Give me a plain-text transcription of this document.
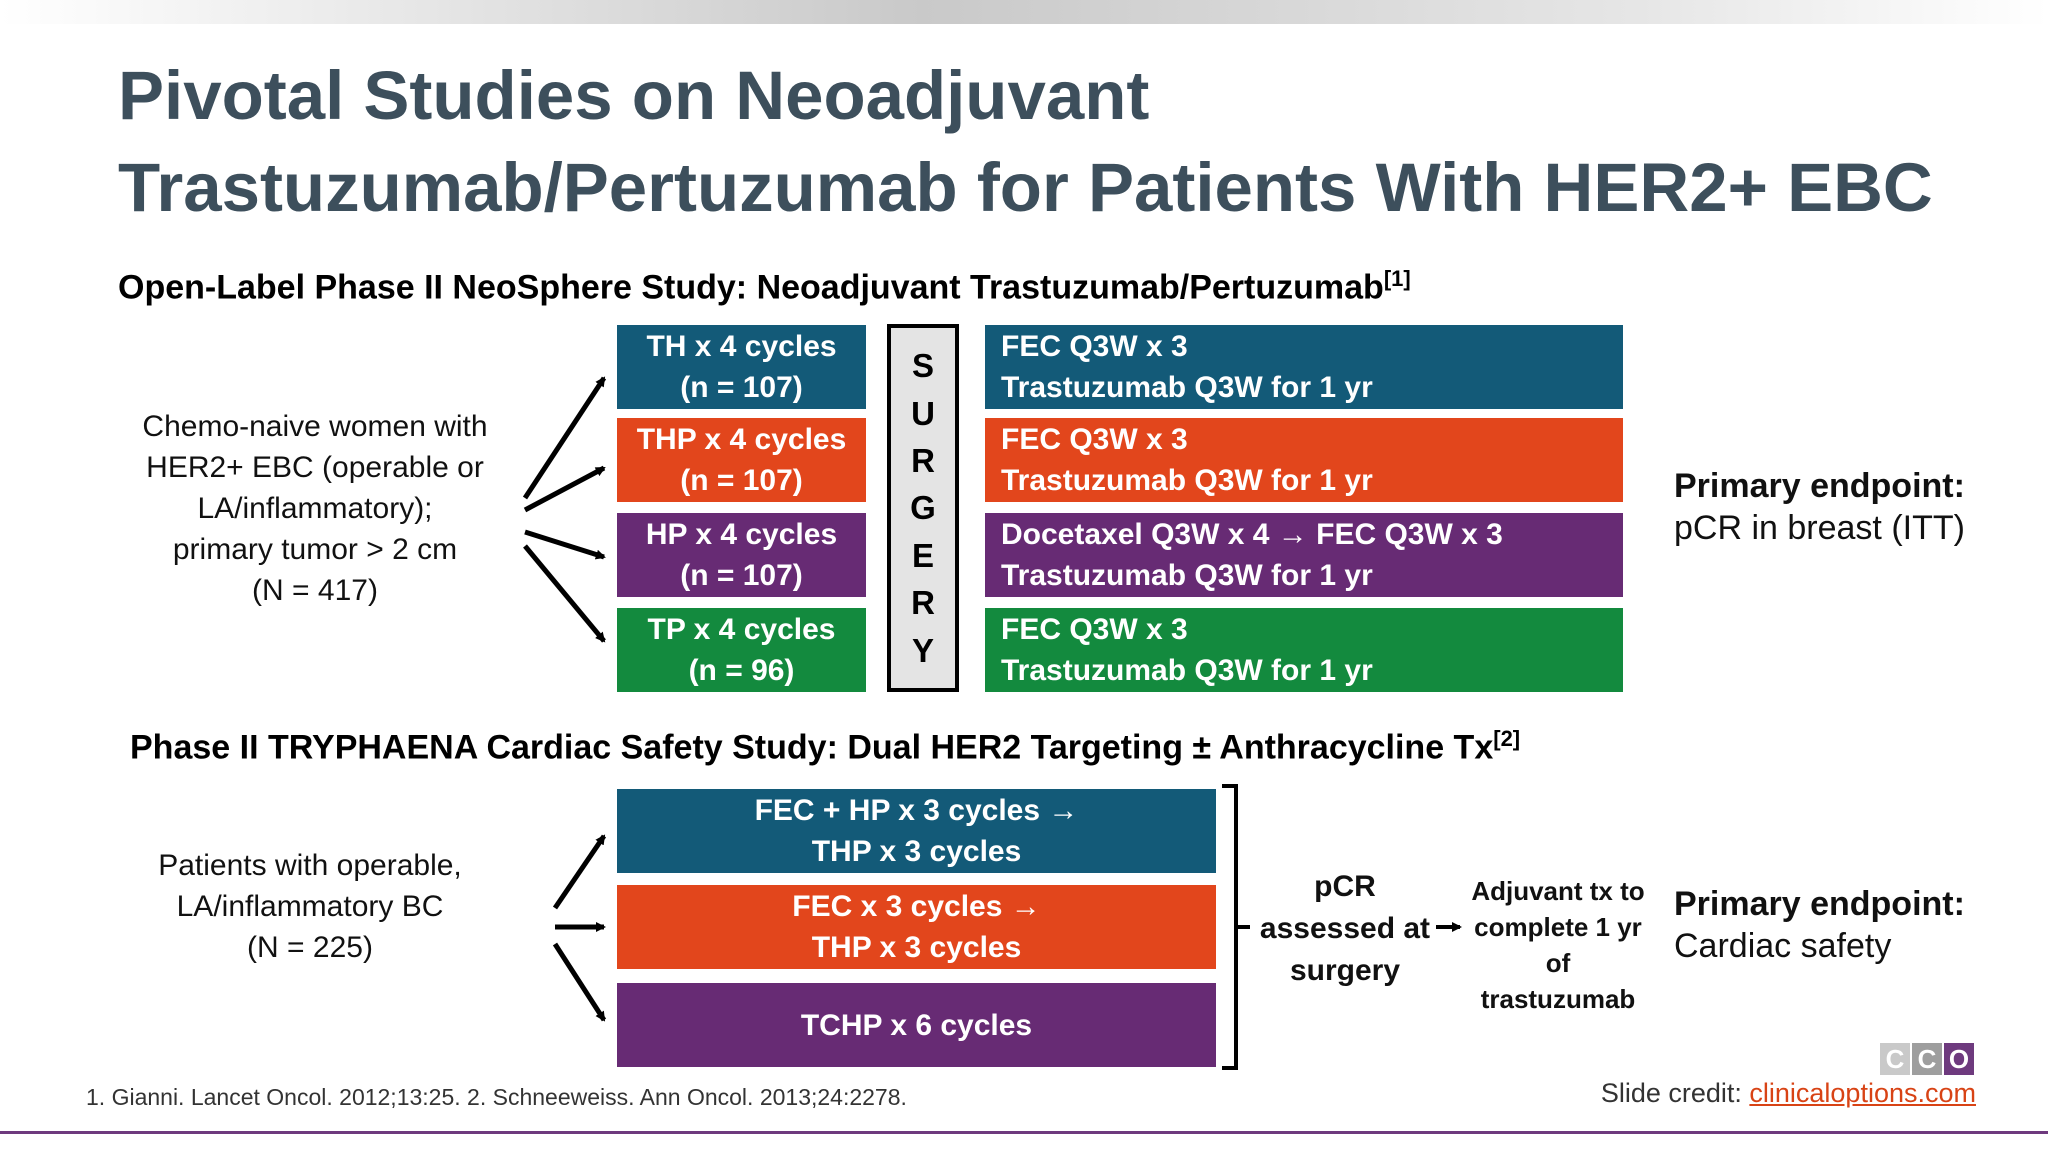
Pivotal Studies on Neoadjuvant Trastuzumab/Pertuzumab for Patients With HER2+ EBC
Open-Label Phase II NeoSphere Study: Neoadjuvant Trastuzumab/Pertuzumab[1]
Chemo-naive women with
HER2+ EBC (operable or
LA/inflammatory);
primary tumor > 2 cm
(N = 417)
TH x 4 cycles
(n = 107)
THP x 4 cycles
(n = 107)
HP x 4 cycles
(n = 107)
TP x 4 cycles
(n = 96)
S
U
R
G
E
R
Y
FEC Q3W x 3
Trastuzumab Q3W for 1 yr
FEC Q3W x 3
Trastuzumab Q3W for 1 yr
Docetaxel Q3W x 4 → FEC Q3W x 3
Trastuzumab Q3W for 1 yr
FEC Q3W x 3
Trastuzumab Q3W for 1 yr
Primary endpoint:
pCR in breast (ITT)
Phase II TRYPHAENA Cardiac Safety Study: Dual HER2 Targeting ± Anthracycline Tx[2]
Patients with operable,
LA/inflammatory BC
(N = 225)
FEC + HP x 3 cycles →
THP x 3 cycles
FEC x 3 cycles →
THP x 3 cycles
TCHP x 6 cycles
pCR
assessed at
surgery
Adjuvant tx to
complete 1 yr
of
trastuzumab
Primary endpoint:
Cardiac safety
1. Gianni. Lancet Oncol. 2012;13:25. 2. Schneeweiss. Ann Oncol. 2013;24:2278.
C C O
Slide credit: clinicaloptions.com
